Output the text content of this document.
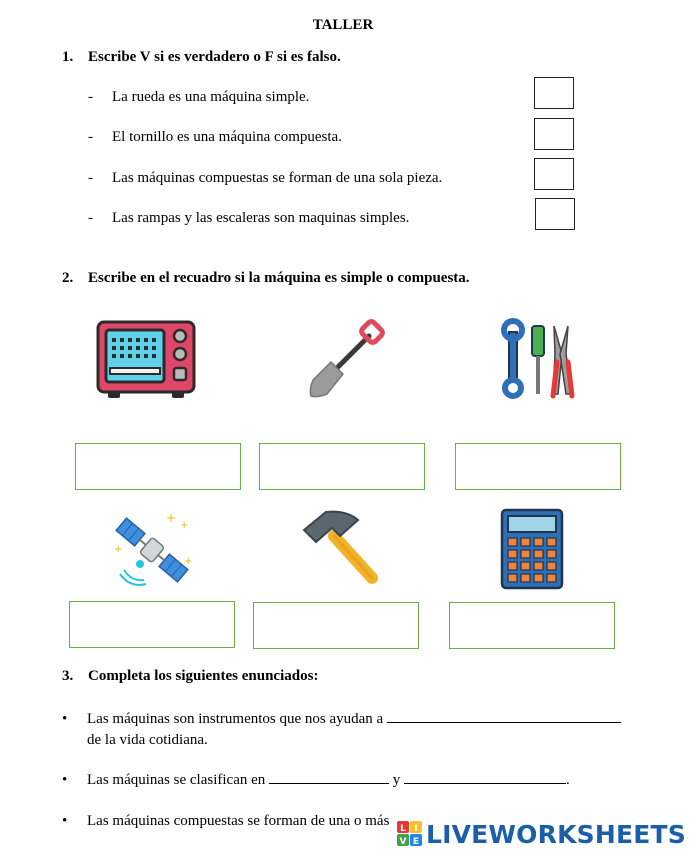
TALLER
1. Escribe V si es verdadero o F si es falso.
- La rueda es una máquina simple.
- El tornillo es una máquina compuesta.
- Las máquinas compuestas se forman de una sola pieza.
- Las rampas y las escaleras son maquinas simples.
2. Escribe en el recuadro si la máquina es simple o compuesta.
+
+
+
+
3. Completa los siguientes enunciados:
• Las máquinas son instrumentos que nos ayudan a
de la vida cotidiana.
• Las máquinas se clasifican en	y	.
• Las máquinas compuestas se forman de una o más	L I
V E LIVEWORKSHEETS
